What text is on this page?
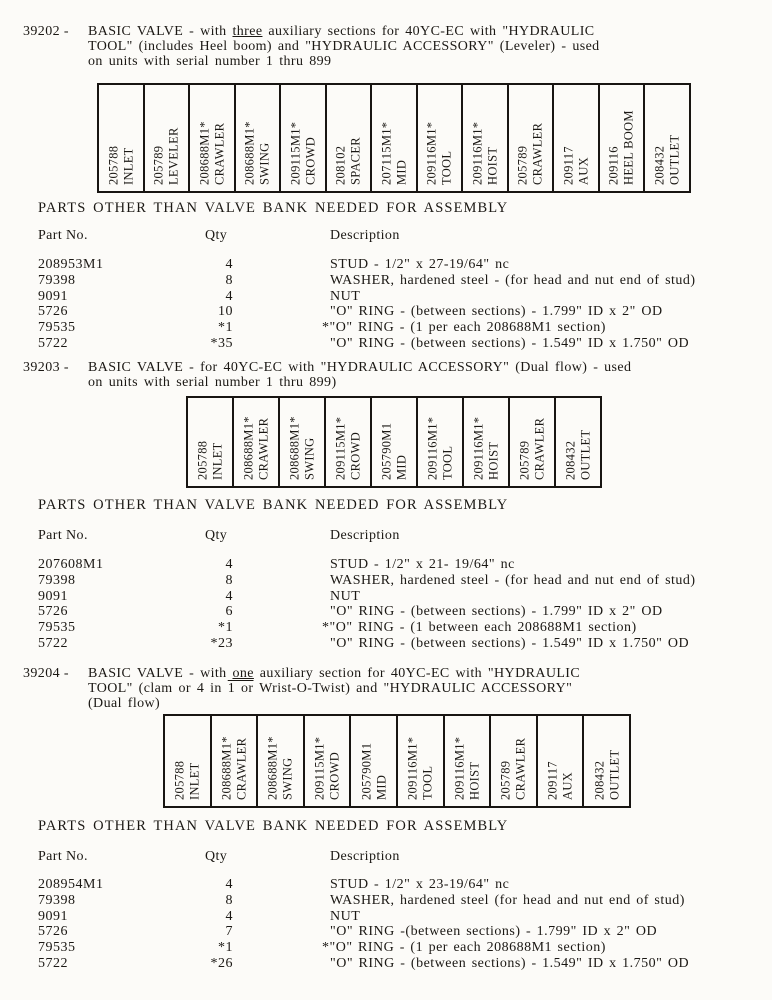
39202 -	BASIC VALVE - with three auxiliary sections for 40YC-EC with "HYDRAULIC
TOOL" (includes Heel boom) and "HYDRAULIC ACCESSORY" (Leveler) - used
on units with serial number 1 thru 899
205788 INLET 205789 LEVELER 208688M1* CRAWLER 208688M1* SWING 209115M1* CROWD 208102 SPACER 207115M1* MID 209116M1* TOOL 209116M1* HOIST 205789 CRAWLER 209117 AUX 209116 HEEL BOOM 208432 OUTLET
PARTS OTHER THAN VALVE BANK NEEDED FOR ASSEMBLY
Part No.	Qty	Description
208953M1	4	STUD - 1/2" x 27-19/64" nc
79398	8	WASHER, hardened steel - (for head and nut end of stud)
9091	4	NUT
5726	10	"O" RING - (between sections) - 1.799" ID x 2" OD
79535	*1	*"O" RING - (1 per each 208688M1 section)
5722	*35	"O" RING - (between sections) - 1.549" ID x 1.750" OD
39203 -	BASIC VALVE - for 40YC-EC with "HYDRAULIC ACCESSORY" (Dual flow) - used
on units with serial number 1 thru 899)
205788 INLET 208688M1* CRAWLER 208688M1* SWING 209115M1* CROWD 205790M1 MID 209116M1* TOOL 209116M1* HOIST 205789 CRAWLER 208432 OUTLET
PARTS OTHER THAN VALVE BANK NEEDED FOR ASSEMBLY
Part No.	Qty	Description
207608M1	4	STUD - 1/2" x 21- 19/64" nc
79398	8	WASHER, hardened steel - (for head and nut end of stud)
9091	4	NUT
5726	6	"O" RING - (between sections) - 1.799" ID x 2" OD
79535	*1	*"O" RING - (1 between each 208688M1 section)
5722	*23	"O" RING - (between sections) - 1.549" ID x 1.750" OD
39204 -	BASIC VALVE - with one auxiliary section for 40YC-EC with "HYDRAULIC
TOOL" (clam or 4 in 1 or Wrist-O-Twist) and "HYDRAULIC ACCESSORY"
(Dual flow)
205788 INLET 208688M1* CRAWLER 208688M1* SWING 209115M1* CROWD 205790M1 MID 209116M1* TOOL 209116M1* HOIST 205789 CRAWLER 209117 AUX 208432 OUTLET
PARTS OTHER THAN VALVE BANK NEEDED FOR ASSEMBLY
Part No.	Qty	Description
208954M1	4	STUD - 1/2" x 23-19/64" nc
79398	8	WASHER, hardened steel (for head and nut end of stud)
9091	4	NUT
5726	7	"O" RING -(between sections) - 1.799" ID x 2" OD
79535	*1	*"O" RING - (1 per each 208688M1 section)
5722	*26	"O" RING - (between sections) - 1.549" ID x 1.750" OD
